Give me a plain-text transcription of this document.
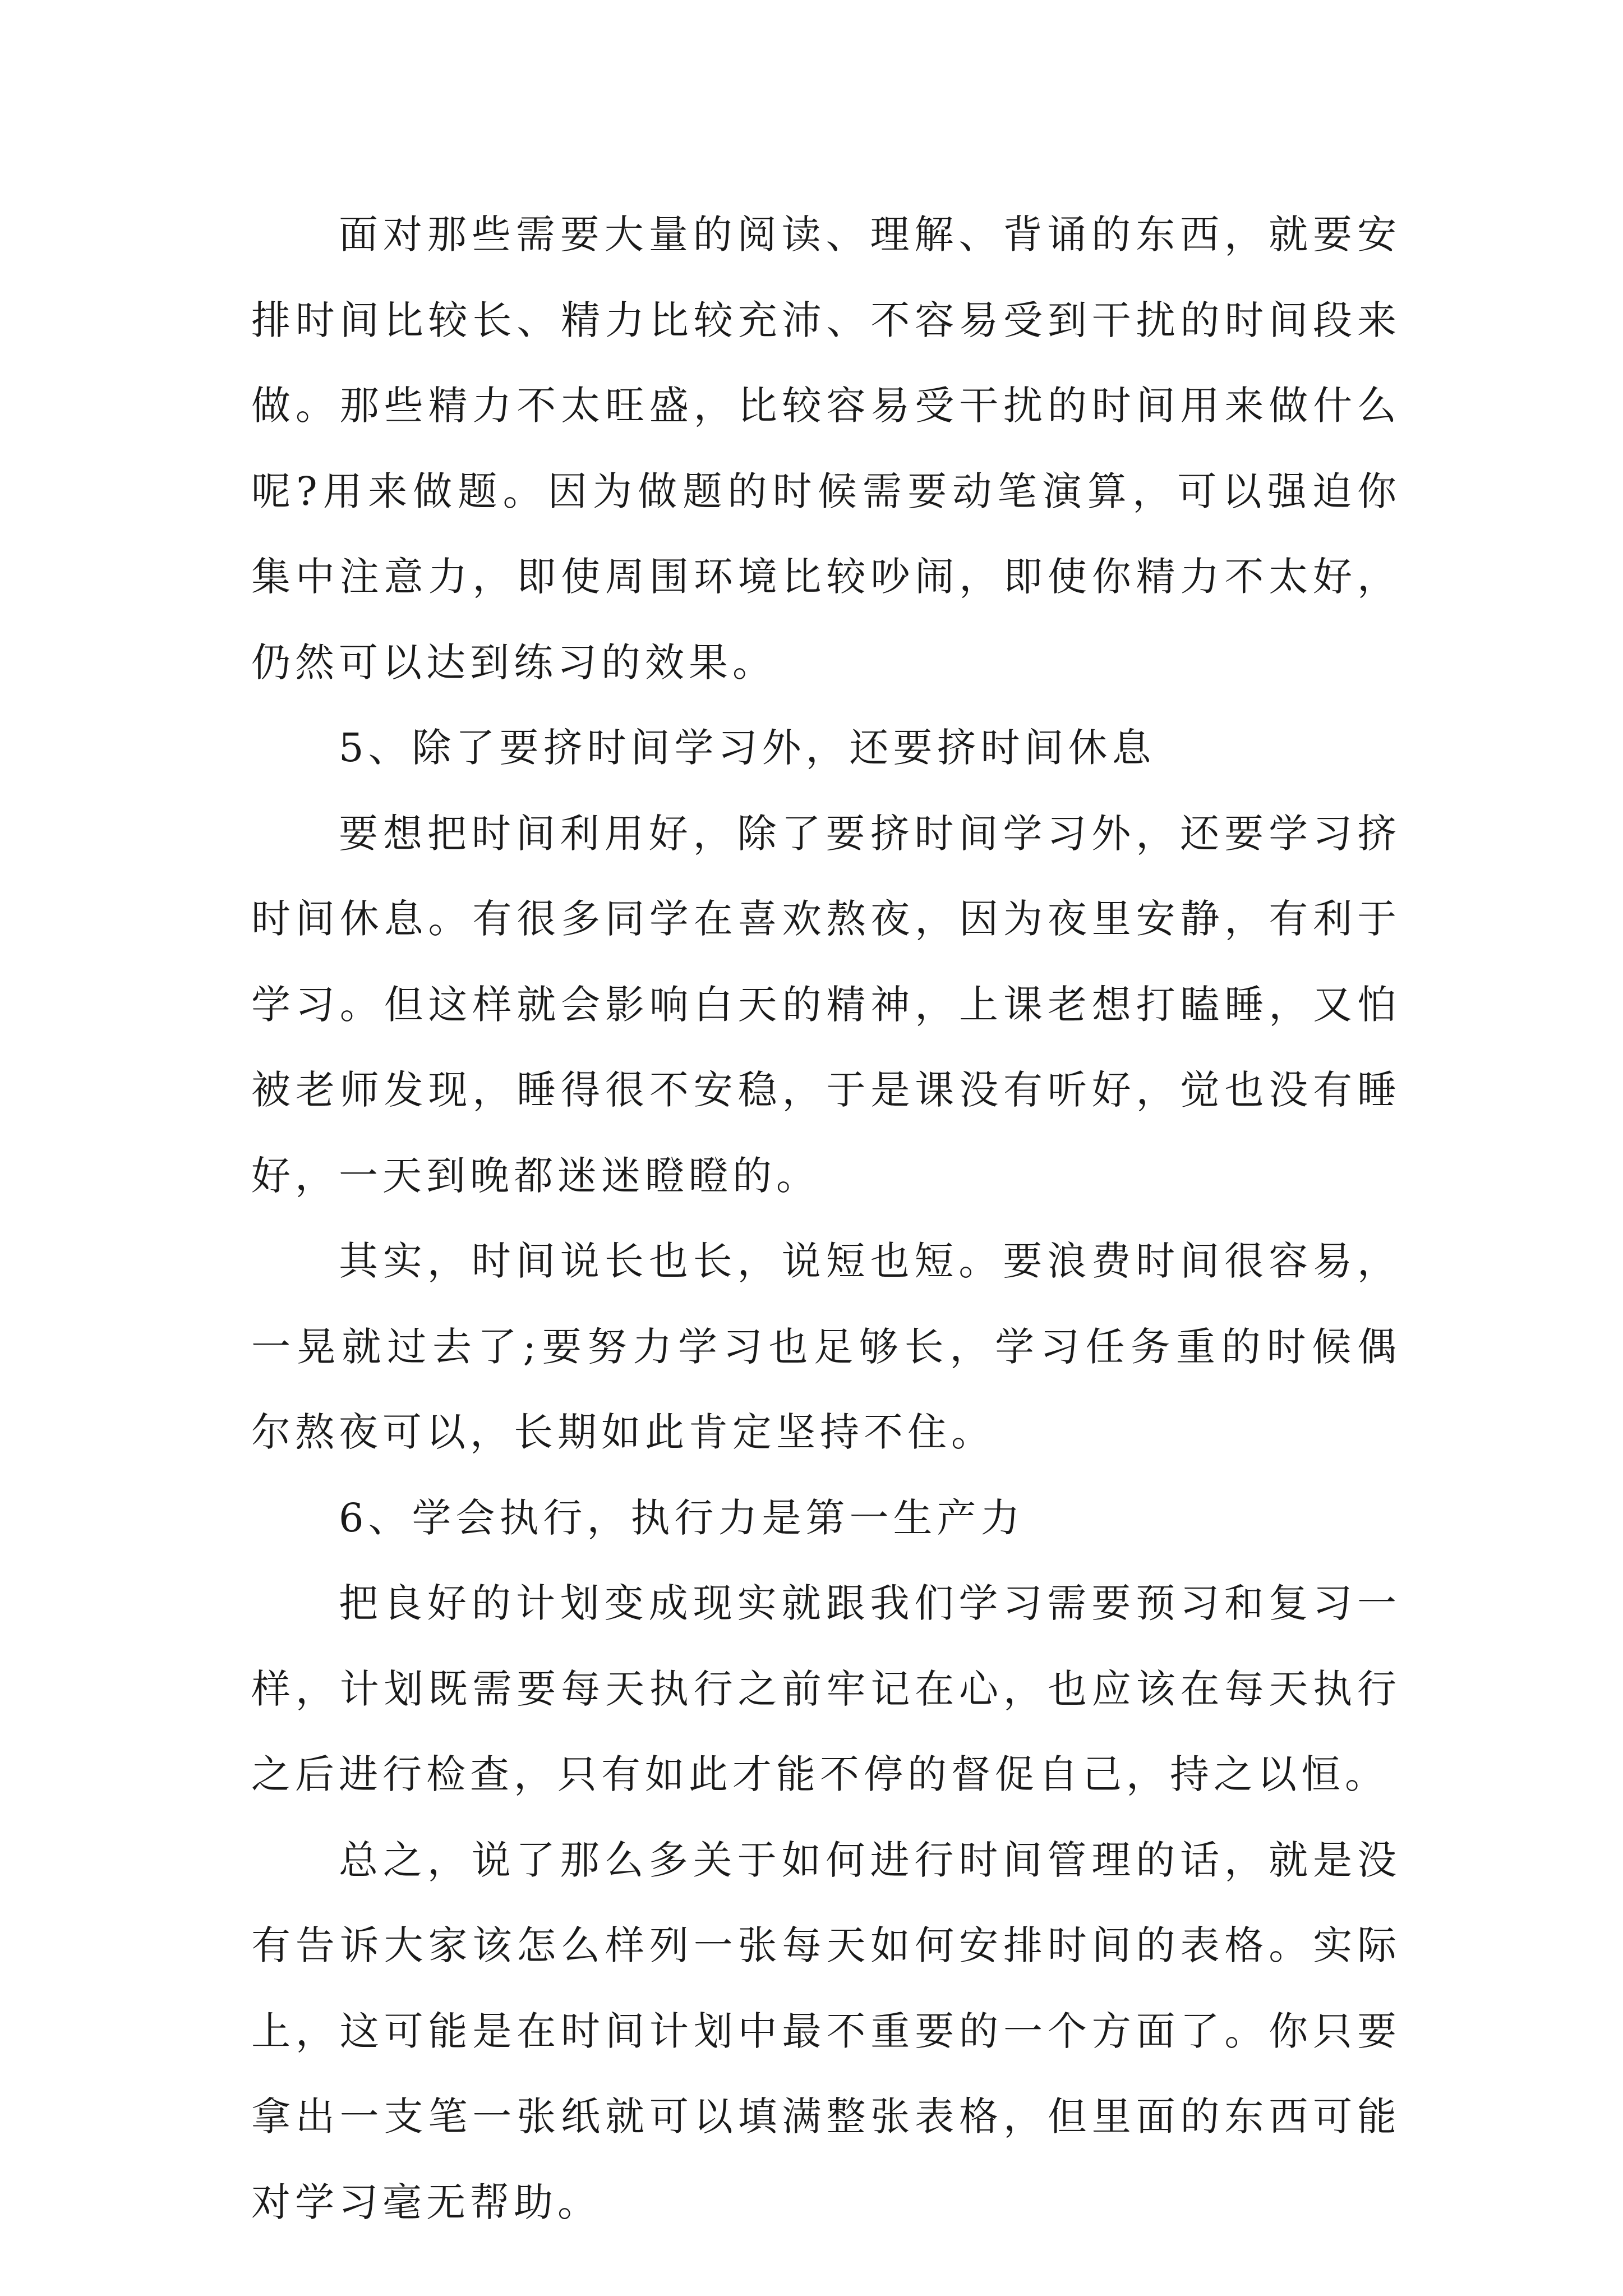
面对那些需要大量的阅读、理解、背诵的东西，就要安排时间比较长、精力比较充沛、不容易受到干扰的时间段来做。那些精力不太旺盛，比较容易受干扰的时间用来做什么呢?用来做题。因为做题的时候需要动笔演算，可以强迫你集中注意力，即使周围环境比较吵闹，即使你精力不太好，仍然可以达到练习的效果。

5、除了要挤时间学习外，还要挤时间休息

要想把时间利用好，除了要挤时间学习外，还要学习挤时间休息。有很多同学在喜欢熬夜，因为夜里安静，有利于学习。但这样就会影响白天的精神，上课老想打瞌睡，又怕被老师发现，睡得很不安稳，于是课没有听好，觉也没有睡好，一天到晚都迷迷瞪瞪的。

其实，时间说长也长，说短也短。要浪费时间很容易，一晃就过去了;要努力学习也足够长，学习任务重的时候偶尔熬夜可以，长期如此肯定坚持不住。

6、学会执行，执行力是第一生产力

把良好的计划变成现实就跟我们学习需要预习和复习一样，计划既需要每天执行之前牢记在心，也应该在每天执行之后进行检查，只有如此才能不停的督促自己，持之以恒。

总之，说了那么多关于如何进行时间管理的话，就是没有告诉大家该怎么样列一张每天如何安排时间的表格。实际上，这可能是在时间计划中最不重要的一个方面了。你只要拿出一支笔一张纸就可以填满整张表格，但里面的东西可能对学习毫无帮助。
